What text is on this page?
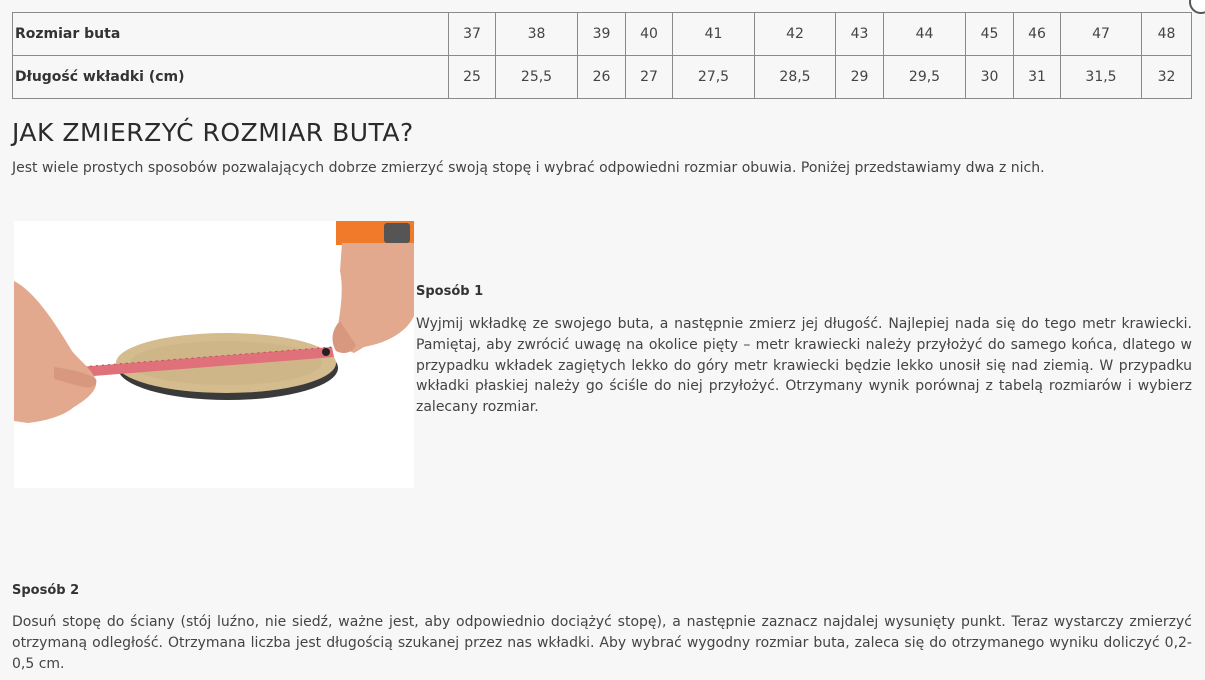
Rozmiar buta	37	38	39	40	41	42	43	44	45	46	47	48
Długość wkładki (cm)	25	25,5	26	27	27,5	28,5	29	29,5	30	31	31,5	32
JAK ZMIERZYĆ ROZMIAR BUTA?

Jest wiele prostych sposobów pozwalających dobrze zmierzyć swoją stopę i wybrać odpowiedni rozmiar obuwia. Poniżej przedstawiamy dwa z nich.

Sposób 1

Wyjmij wkładkę ze swojego buta, a następnie zmierz jej długość. Najlepiej nada się do tego metr krawiecki. Pamiętaj, aby zwrócić uwagę na okolice pięty – metr krawiecki należy przyłożyć do samego końca, dlatego w przypadku wkładek zagiętych lekko do góry metr krawiecki będzie lekko unosił się nad ziemią. W przypadku wkładki płaskiej należy go ściśle do niej przyłożyć. Otrzymany wynik porównaj z tabelą rozmiarów i wybierz zalecany rozmiar.

Sposób 2

Dosuń stopę do ściany (stój luźno, nie siedź, ważne jest, aby odpowiednio dociążyć stopę), a następnie zaznacz najdalej wysunięty punkt. Teraz wystarczy zmierzyć otrzymaną odległość. Otrzymana liczba jest długością szukanej przez nas wkładki. Aby wybrać wygodny rozmiar buta, zaleca się do otrzymanego wyniku doliczyć 0,2-0,5 cm.
